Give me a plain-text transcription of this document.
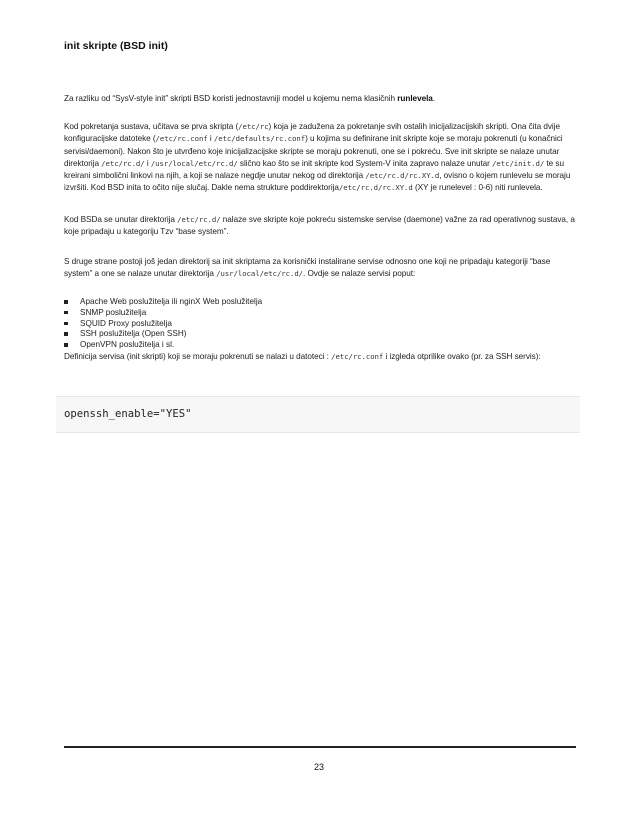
init skripte (BSD init)
Za razliku od “SysV-style init” skripti BSD koristi jednostavniji model u kojemu nema klasičnih runlevela.
Kod pokretanja sustava, učitava se prva skripta (/etc/rc) koja je zadužena za pokretanje svih ostalih inicijalizacijskih skripti. Ona čita dvije konfiguracijske datoteke (/etc/rc.conf i /etc/defaults/rc.conf) u kojima su definirane init skripte koje se moraju pokrenuti (u konačnici servisi/daemoni). Nakon što je utvrđeno koje inicijalizacijske skripte se moraju pokrenuti, one se i pokreću. Sve init skripte se nalaze unutar direktorija /etc/rc.d/ i /usr/local/etc/rc.d/ slično kao što se init skripte kod System-V inita zapravo nalaze unutar /etc/init.d/ te su kreirani simbolični linkovi na njih, a koji se nalaze negdje unutar nekog od direktorija /etc/rc.d/rc.XY.d, ovisno o kojem runlevelu se moraju izvršiti. Kod BSD inita to očito nije slučaj. Dakle nema strukture poddirektorija/etc/rc.d/rc.XY.d (XY je runelevel : 0-6) niti runlevela.
Kod BSDa se unutar direktorija /etc/rc.d/ nalaze sve skripte koje pokreću sistemske servise (daemone) važne za rad operativnog sustava, a koje pripadaju u kategoriju Tzv “base system”.
S druge strane postoji još jedan direktorij sa init skriptama za korisnički instalirane servise odnosno one koji ne pripadaju kategoriji “base system” a one se nalaze unutar direktorija /usr/local/etc/rc.d/. Ovdje se nalaze servisi poput:
Apache Web poslužitelja ili nginX Web poslužitelja
SNMP poslužitelja
SQUID Proxy poslužitelja
SSH poslužitelja (Open SSH)
OpenVPN poslužitelja i sl.
Definicija servisa (init skripti) koji se moraju pokrenuti se nalazi u datoteci : /etc/rc.conf i izgleda otprilike ovako (pr. za SSH servis):
openssh_enable="YES"
23
